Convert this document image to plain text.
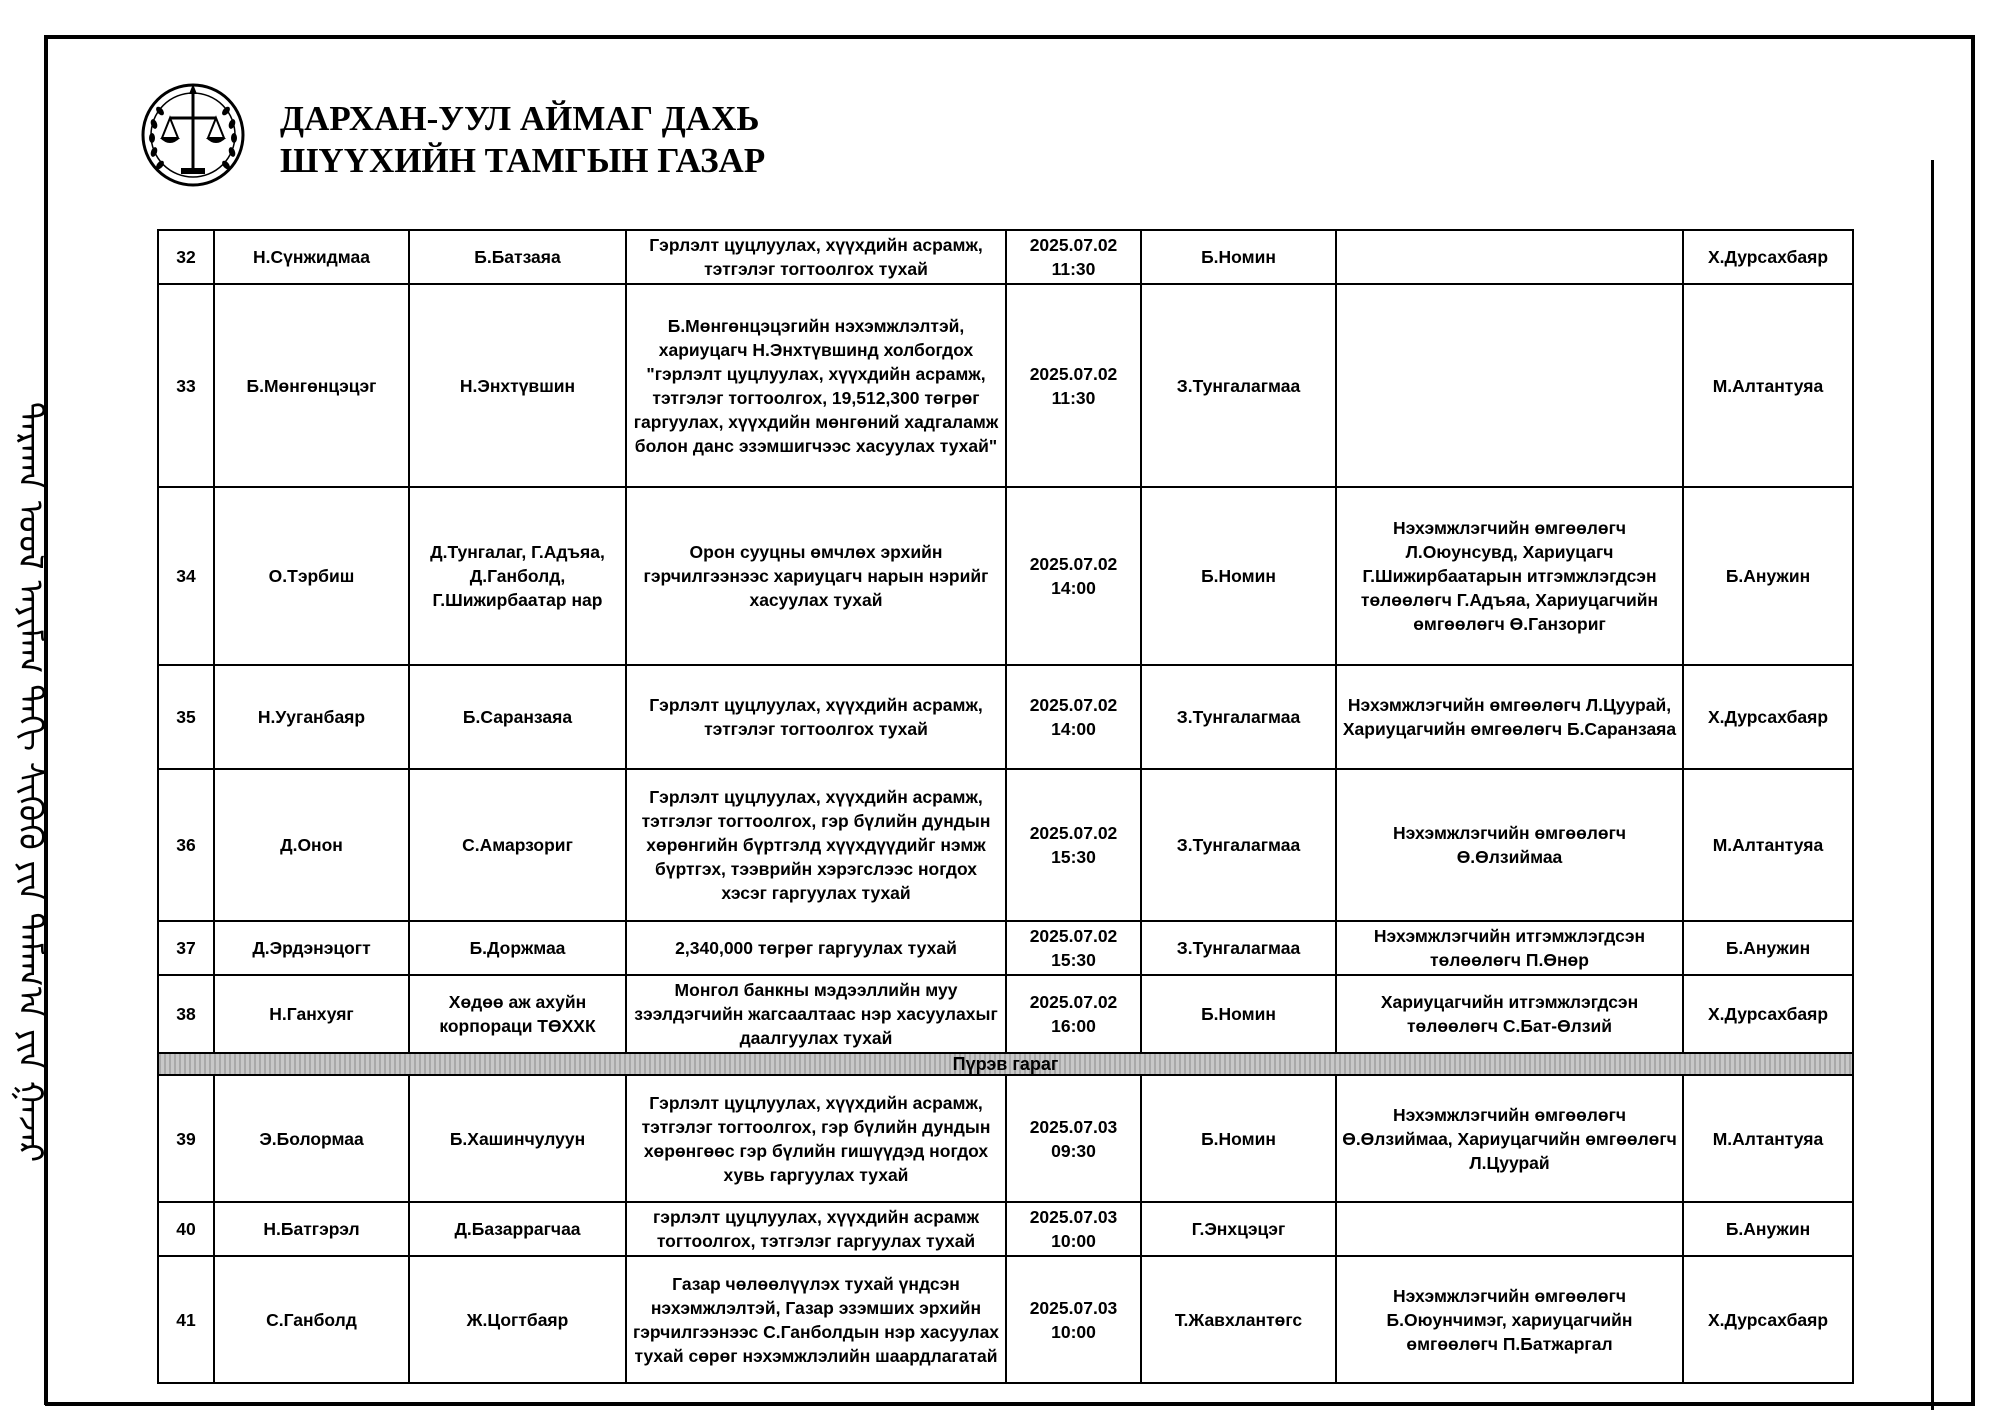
ᠳᠠᠷᠬᠠᠨ ᠤᠤᠯ ᠠᠶᠢᠮᠠᠭ ᠳᠠᠬᠢ ᠱᠢᠭᠦᠬᠦ ᠶᠢᠨ ᠲᠠᠮᠠᠭ᠎ᠠ ᠶᠢᠨ ᠭᠠᠵᠠᠷ
ДАРХАН-УУЛ АЙМАГ ДАХЬ
ШҮҮХИЙН ТАМГЫН ГАЗАР
32	Н.Сүнжидмаа	Б.Батзаяа	Гэрлэлт цуцлуулах, хүүхдийн асрамж, тэтгэлэг тогтоолгох тухай	2025.07.02 11:30	Б.Номин		Х.Дурсахбаяр
33	Б.Мөнгөнцэцэг	Н.Энхтүвшин	Б.Мөнгөнцэцэгийн нэхэмжлэлтэй, хариуцагч Н.Энхтүвшинд холбогдох "гэрлэлт цуцлуулах, хүүхдийн асрамж, тэтгэлэг тогтоолгох, 19,512,300 төгрөг гаргуулах, хүүхдийн мөнгөний хадгаламж болон данс эзэмшигчээс хасуулах тухай"	2025.07.02 11:30	З.Тунгалагмаа		М.Алтантуяа
34	О.Тэрбиш	Д.Тунгалаг, Г.Адъяа, Д.Ганболд, Г.Шижирбаатар нар	Орон сууцны өмчлөх эрхийн гэрчилгээнээс хариуцагч нарын нэрийг хасуулах тухай	2025.07.02 14:00	Б.Номин	Нэхэмжлэгчийн өмгөөлөгч Л.Оюунсувд, Хариуцагч Г.Шижирбаатарын итгэмжлэгдсэн төлөөлөгч Г.Адъяа, Хариуцагчийн өмгөөлөгч Ө.Ганзориг	Б.Анужин
35	Н.Ууганбаяр	Б.Саранзаяа	Гэрлэлт цуцлуулах, хүүхдийн асрамж, тэтгэлэг тогтоолгох тухай	2025.07.02 14:00	З.Тунгалагмаа	Нэхэмжлэгчийн өмгөөлөгч Л.Цуурай, Хариуцагчийн өмгөөлөгч Б.Саранзаяа	Х.Дурсахбаяр
36	Д.Онон	С.Амарзориг	Гэрлэлт цуцлуулах, хүүхдийн асрамж, тэтгэлэг тогтоолгох, гэр бүлийн дундын хөрөнгийн бүртгэлд хүүхдүүдийг нэмж бүртгэх, тээврийн хэрэгслээс ногдох хэсэг гаргуулах тухай	2025.07.02 15:30	З.Тунгалагмаа	Нэхэмжлэгчийн өмгөөлөгч Ө.Өлзиймаа	М.Алтантуяа
37	Д.Эрдэнэцогт	Б.Доржмаа	2,340,000 төгрөг гаргуулах тухай	2025.07.02 15:30	З.Тунгалагмаа	Нэхэмжлэгчийн итгэмжлэгдсэн төлөөлөгч П.Өнөр	Б.Анужин
38	Н.Ганхуяг	Хөдөө аж ахуйн корпораци ТӨХХК	Монгол банкны мэдээллийн муу зээлдэгчийн жагсаалтаас нэр хасуулахыг даалгуулах тухай	2025.07.02 16:00	Б.Номин	Хариуцагчийн итгэмжлэгдсэн төлөөлөгч С.Бат-Өлзий	Х.Дурсахбаяр
Пүрэв гараг							
39	Э.Болормаа	Б.Хашинчулуун	Гэрлэлт цуцлуулах, хүүхдийн асрамж, тэтгэлэг тогтоолгох, гэр бүлийн дундын хөрөнгөөс гэр бүлийн гишүүдэд ногдох хувь гаргуулах тухай	2025.07.03 09:30	Б.Номин	Нэхэмжлэгчийн өмгөөлөгч Ө.Өлзиймаа, Хариуцагчийн өмгөөлөгч Л.Цуурай	М.Алтантуяа
40	Н.Батгэрэл	Д.Базаррагчаа	гэрлэлт цуцлуулах, хүүхдийн асрамж тогтоолгох, тэтгэлэг гаргуулах тухай	2025.07.03 10:00	Г.Энхцэцэг		Б.Анужин
41	С.Ганболд	Ж.Цогтбаяр	Газар чөлөөлүүлэх тухай үндсэн нэхэмжлэлтэй, Газар эзэмших эрхийн гэрчилгээнээс С.Ганболдын нэр хасуулах тухай сөрөг нэхэмжлэлийн шаардлагатай	2025.07.03 10:00	Т.Жавхлантөгс	Нэхэмжлэгчийн өмгөөлөгч Б.Оюунчимэг, хариуцагчийн өмгөөлөгч П.Батжаргал	Х.Дурсахбаяр
